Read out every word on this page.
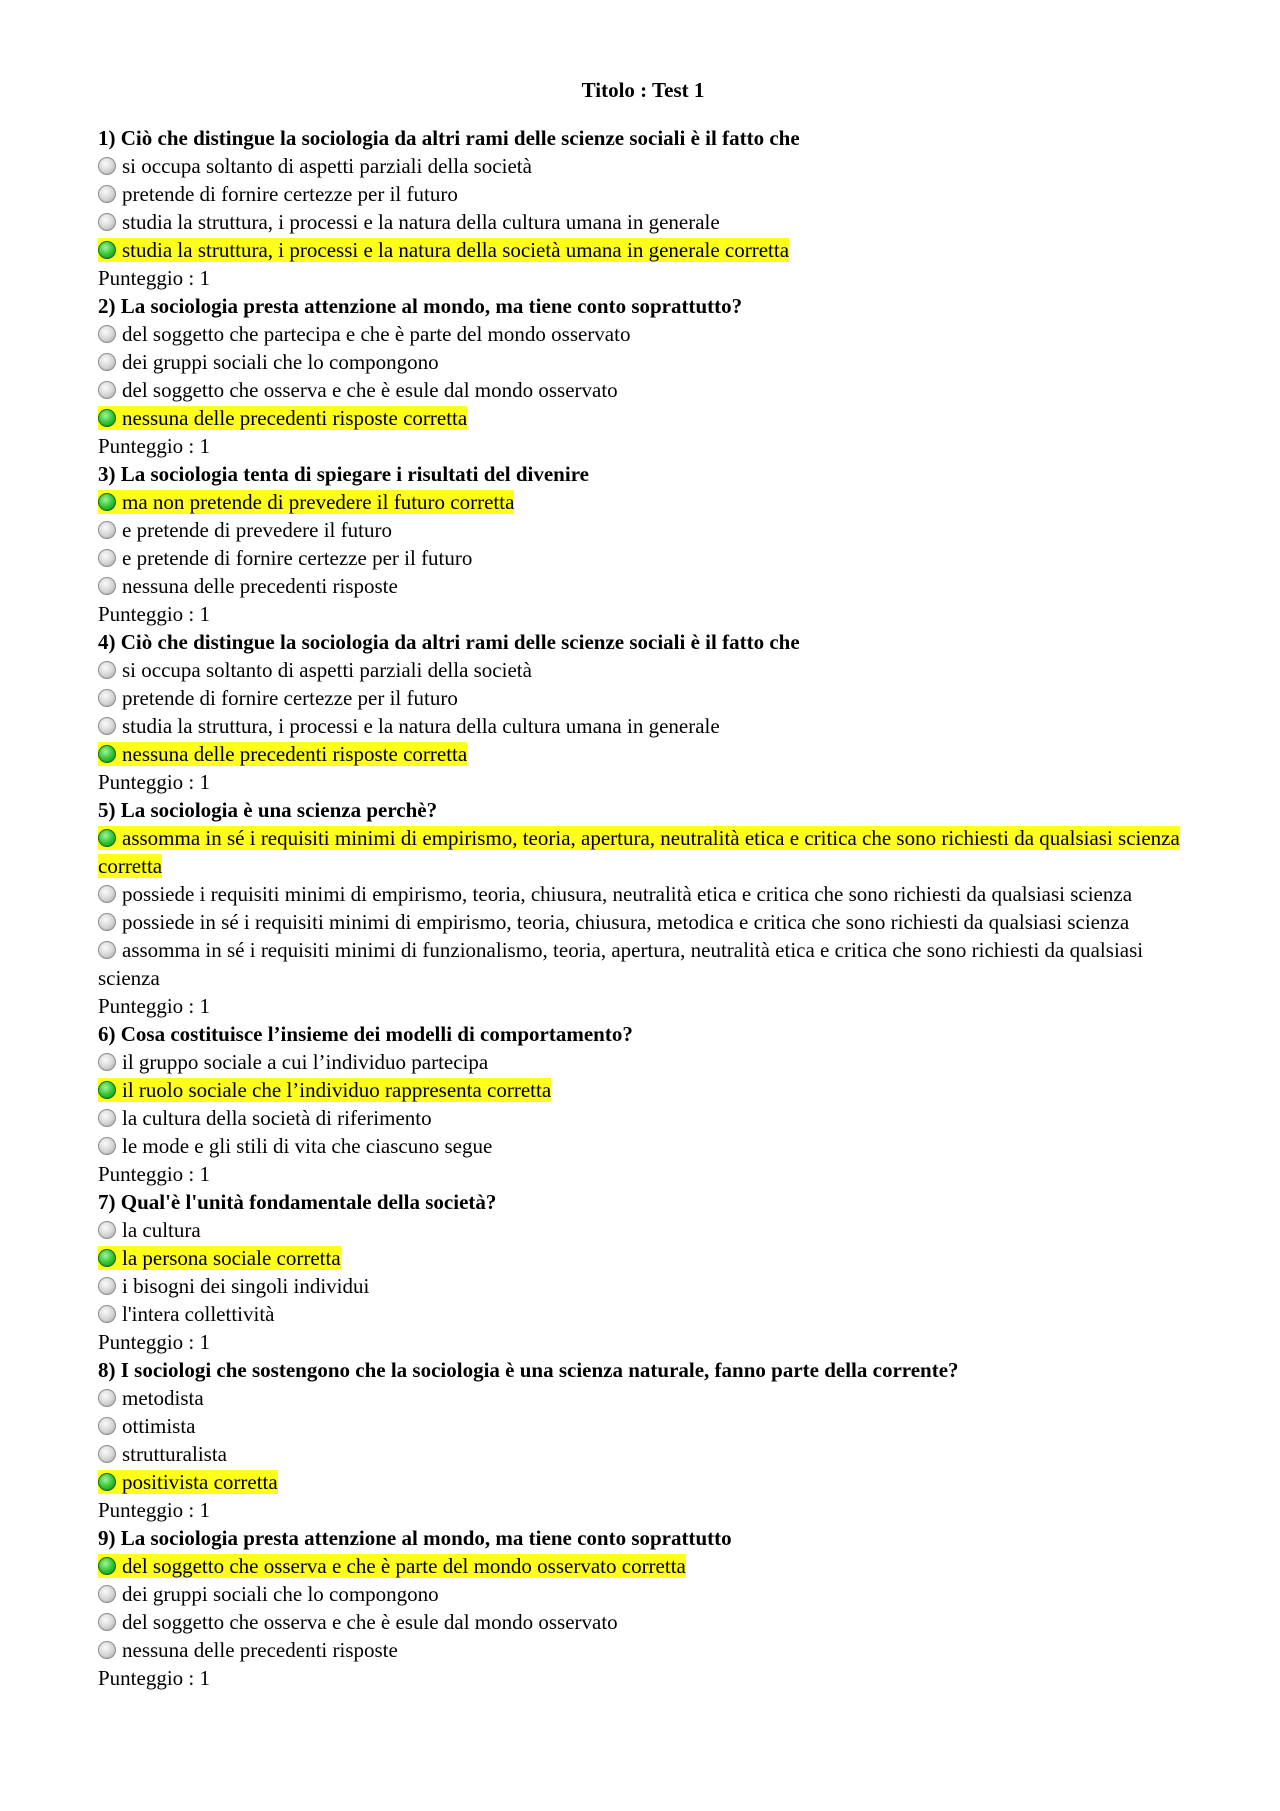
Titolo : Test 1
1) Ciò che distingue la sociologia da altri rami delle scienze sociali è il fatto che
si occupa soltanto di aspetti parziali della società
pretende di fornire certezze per il futuro
studia la struttura, i processi e la natura della cultura umana in generale
studia la struttura, i processi e la natura della società umana in generale corretta
Punteggio : 1
2) La sociologia presta attenzione al mondo, ma tiene conto soprattutto?
del soggetto che partecipa e che è parte del mondo osservato
dei gruppi sociali che lo compongono
del soggetto che osserva e che è esule dal mondo osservato
nessuna delle precedenti risposte corretta
Punteggio : 1
3) La sociologia tenta di spiegare i risultati del divenire
ma non pretende di prevedere il futuro corretta
e pretende di prevedere il futuro
e pretende di fornire certezze per il futuro
nessuna delle precedenti risposte
Punteggio : 1
4) Ciò che distingue la sociologia da altri rami delle scienze sociali è il fatto che
si occupa soltanto di aspetti parziali della società
pretende di fornire certezze per il futuro
studia la struttura, i processi e la natura della cultura umana in generale
nessuna delle precedenti risposte corretta
Punteggio : 1
5) La sociologia è una scienza perchè?
assomma in sé i requisiti minimi di empirismo, teoria, apertura, neutralità etica e critica che sono richiesti da qualsiasi scienza corretta
possiede i requisiti minimi di empirismo, teoria, chiusura, neutralità etica e critica che sono richiesti da qualsiasi scienza
possiede in sé i requisiti minimi di empirismo, teoria, chiusura, metodica e critica che sono richiesti da qualsiasi scienza
assomma in sé i requisiti minimi di funzionalismo, teoria, apertura, neutralità etica e critica che sono richiesti da qualsiasi scienza
Punteggio : 1
6) Cosa costituisce l’insieme dei modelli di comportamento?
il gruppo sociale a cui l’individuo partecipa
il ruolo sociale che l’individuo rappresenta corretta
la cultura della società di riferimento
le mode e gli stili di vita che ciascuno segue
Punteggio : 1
7) Qual'è l'unità fondamentale della società?
la cultura
la persona sociale corretta
i bisogni dei singoli individui
l'intera collettività
Punteggio : 1
8) I sociologi che sostengono che la sociologia è una scienza naturale, fanno parte della corrente?
metodista
ottimista
strutturalista
positivista corretta
Punteggio : 1
9) La sociologia presta attenzione al mondo, ma tiene conto soprattutto
del soggetto che osserva e che è parte del mondo osservato corretta
dei gruppi sociali che lo compongono
del soggetto che osserva e che è esule dal mondo osservato
nessuna delle precedenti risposte
Punteggio : 1
